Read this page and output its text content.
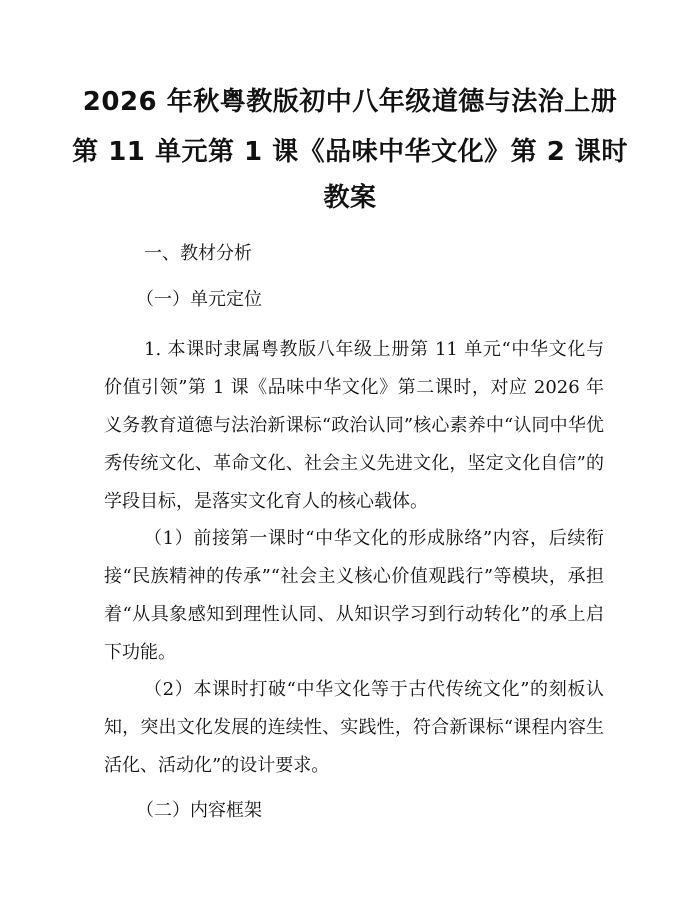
2026 年秋粤教版初中八年级道德与法治上册
第 11 单元第 1 课《品味中华文化》第 2 课时
教案
一、教材分析
（一）单元定位
1. 本课时隶属粤教版八年级上册第 11 单元“中华文化与价值引领”第 1 课《品味中华文化》第二课时，对应 2026 年义务教育道德与法治新课标“政治认同”核心素养中“认同中华优秀传统文化、革命文化、社会主义先进文化，坚定文化自信”的学段目标，是落实文化育人的核心载体。
（1）前接第一课时“中华文化的形成脉络”内容，后续衔接“民族精神的传承”“社会主义核心价值观践行”等模块，承担着“从具象感知到理性认同、从知识学习到行动转化”的承上启下功能。
（2）本课时打破“中华文化等于古代传统文化”的刻板认知，突出文化发展的连续性、实践性，符合新课标“课程内容生活化、活动化”的设计要求。
（二）内容框架
